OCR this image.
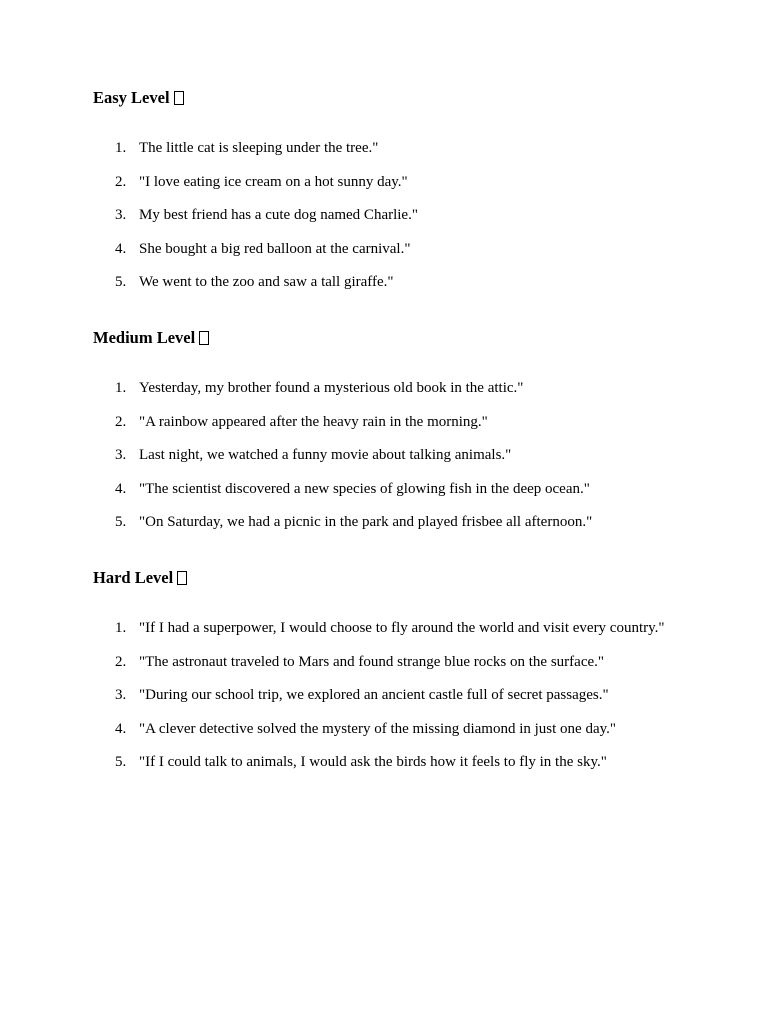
Easy Level
1. The little cat is sleeping under the tree."
2. "I love eating ice cream on a hot sunny day."
3. My best friend has a cute dog named Charlie."
4. She bought a big red balloon at the carnival."
5. We went to the zoo and saw a tall giraffe."
Medium Level
1. Yesterday, my brother found a mysterious old book in the attic."
2. "A rainbow appeared after the heavy rain in the morning."
3. Last night, we watched a funny movie about talking animals."
4. "The scientist discovered a new species of glowing fish in the deep ocean."
5. "On Saturday, we had a picnic in the park and played frisbee all afternoon."
Hard Level
1. "If I had a superpower, I would choose to fly around the world and visit every country."
2. "The astronaut traveled to Mars and found strange blue rocks on the surface."
3. "During our school trip, we explored an ancient castle full of secret passages."
4. "A clever detective solved the mystery of the missing diamond in just one day."
5. "If I could talk to animals, I would ask the birds how it feels to fly in the sky."
